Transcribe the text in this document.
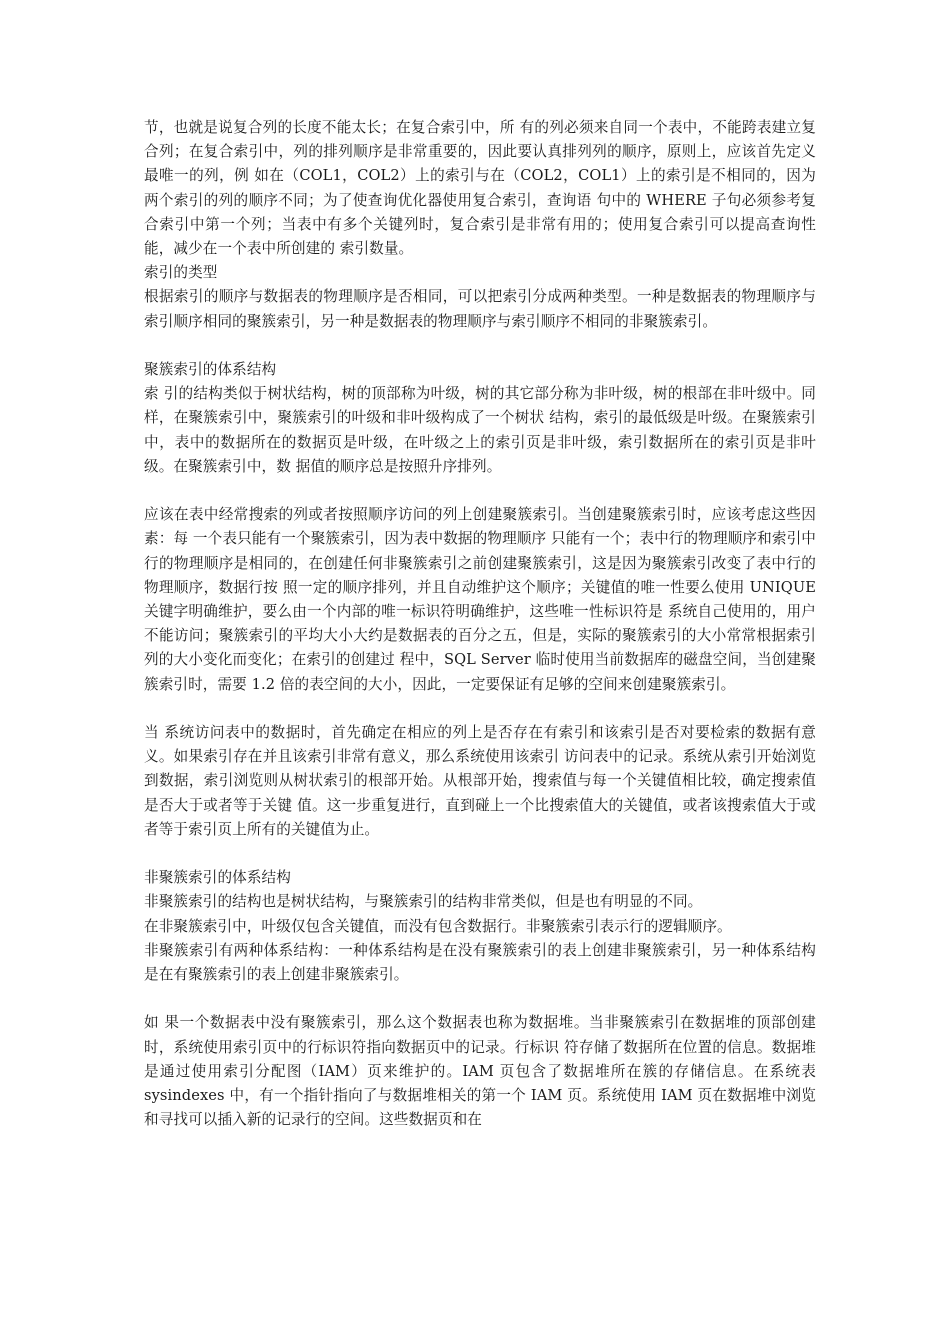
节，也就是说复合列的长度不能太长；在复合索引中，所 有的列必须来自同一个表中，不能跨表建立复合列；在复合索引中，列的排列顺序是非常重要的，因此要认真排列列的顺序，原则上，应该首先定义最唯一的列，例 如在（COL1，COL2）上的索引与在（COL2，COL1）上的索引是不相同的，因为两个索引的列的顺序不同；为了使查询优化器使用复合索引，查询语 句中的 WHERE 子句必须参考复合索引中第一个列；当表中有多个关键列时，复合索引是非常有用的；使用复合索引可以提高查询性能，减少在一个表中所创建的 索引数量。

索引的类型

根据索引的顺序与数据表的物理顺序是否相同，可以把索引分成两种类型。一种是数据表的物理顺序与索引顺序相同的聚簇索引，另一种是数据表的物理顺序与索引顺序不相同的非聚簇索引。

聚簇索引的体系结构

索 引的结构类似于树状结构，树的顶部称为叶级，树的其它部分称为非叶级，树的根部在非叶级中。同样，在聚簇索引中，聚簇索引的叶级和非叶级构成了一个树状 结构，索引的最低级是叶级。在聚簇索引中，表中的数据所在的数据页是叶级，在叶级之上的索引页是非叶级，索引数据所在的索引页是非叶级。在聚簇索引中，数 据值的顺序总是按照升序排列。

应该在表中经常搜索的列或者按照顺序访问的列上创建聚簇索引。当创建聚簇索引时，应该考虑这些因素：每 一个表只能有一个聚簇索引，因为表中数据的物理顺序 只能有一个；表中行的物理顺序和索引中行的物理顺序是相同的，在创建任何非聚簇索引之前创建聚簇索引，这是因为聚簇索引改变了表中行的物理顺序，数据行按 照一定的顺序排列，并且自动维护这个顺序；关键值的唯一性要么使用 UNIQUE 关键字明确维护，要么由一个内部的唯一标识符明确维护，这些唯一性标识符是 系统自己使用的，用户不能访问；聚簇索引的平均大小大约是数据表的百分之五，但是，实际的聚簇索引的大小常常根据索引列的大小变化而变化；在索引的创建过 程中，SQL Server 临时使用当前数据库的磁盘空间，当创建聚簇索引时，需要 1.2 倍的表空间的大小，因此，一定要保证有足够的空间来创建聚簇索引。

当 系统访问表中的数据时，首先确定在相应的列上是否存在有索引和该索引是否对要检索的数据有意义。如果索引存在并且该索引非常有意义，那么系统使用该索引 访问表中的记录。系统从索引开始浏览到数据，索引浏览则从树状索引的根部开始。从根部开始，搜索值与每一个关键值相比较，确定搜索值是否大于或者等于关键 值。这一步重复进行，直到碰上一个比搜索值大的关键值，或者该搜索值大于或者等于索引页上所有的关键值为止。

非聚簇索引的体系结构

非聚簇索引的结构也是树状结构，与聚簇索引的结构非常类似，但是也有明显的不同。

在非聚簇索引中，叶级仅包含关键值，而没有包含数据行。非聚簇索引表示行的逻辑顺序。

非聚簇索引有两种体系结构：一种体系结构是在没有聚簇索引的表上创建非聚簇索引，另一种体系结构是在有聚簇索引的表上创建非聚簇索引。

如 果一个数据表中没有聚簇索引，那么这个数据表也称为数据堆。当非聚簇索引在数据堆的顶部创建时，系统使用索引页中的行标识符指向数据页中的记录。行标识 符存储了数据所在位置的信息。数据堆是通过使用索引分配图（IAM）页来维护的。IAM 页包含了数据堆所在簇的存储信息。在系统表 sysindexes 中，有一个指针指向了与数据堆相关的第一个 IAM 页。系统使用 IAM 页在数据堆中浏览和寻找可以插入新的记录行的空间。这些数据页和在
